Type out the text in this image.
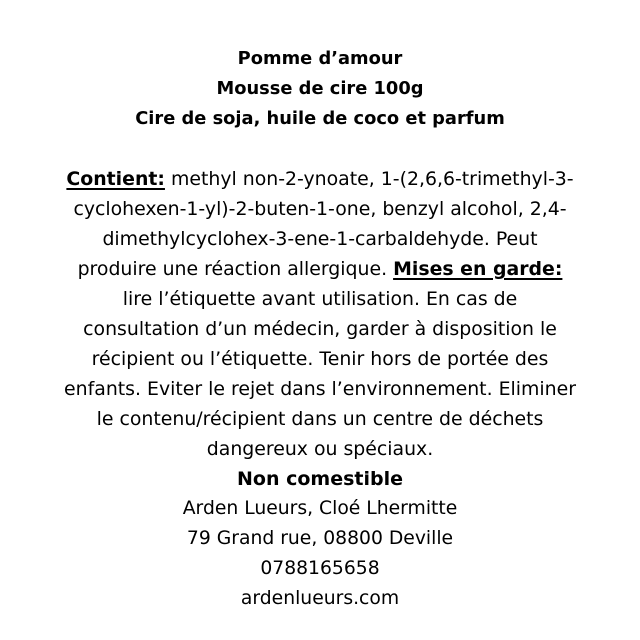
Pomme d’amour
Mousse de cire 100g
Cire de soja, huile de coco et parfum
Contient: methyl non-2-ynoate, 1-(2,6,6-trimethyl-3-
cyclohexen-1-yl)-2-buten-1-one, benzyl alcohol, 2,4-
dimethylcyclohex-3-ene-1-carbaldehyde. Peut
produire une réaction allergique. Mises en garde:
lire l’étiquette avant utilisation. En cas de
consultation d’un médecin, garder à disposition le
récipient ou l’étiquette. Tenir hors de portée des
enfants. Eviter le rejet dans l’environnement. Eliminer
le contenu/récipient dans un centre de déchets
dangereux ou spéciaux.
Non comestible
Arden Lueurs, Cloé Lhermitte
79 Grand rue, 08800 Deville
0788165658
ardenlueurs.com
